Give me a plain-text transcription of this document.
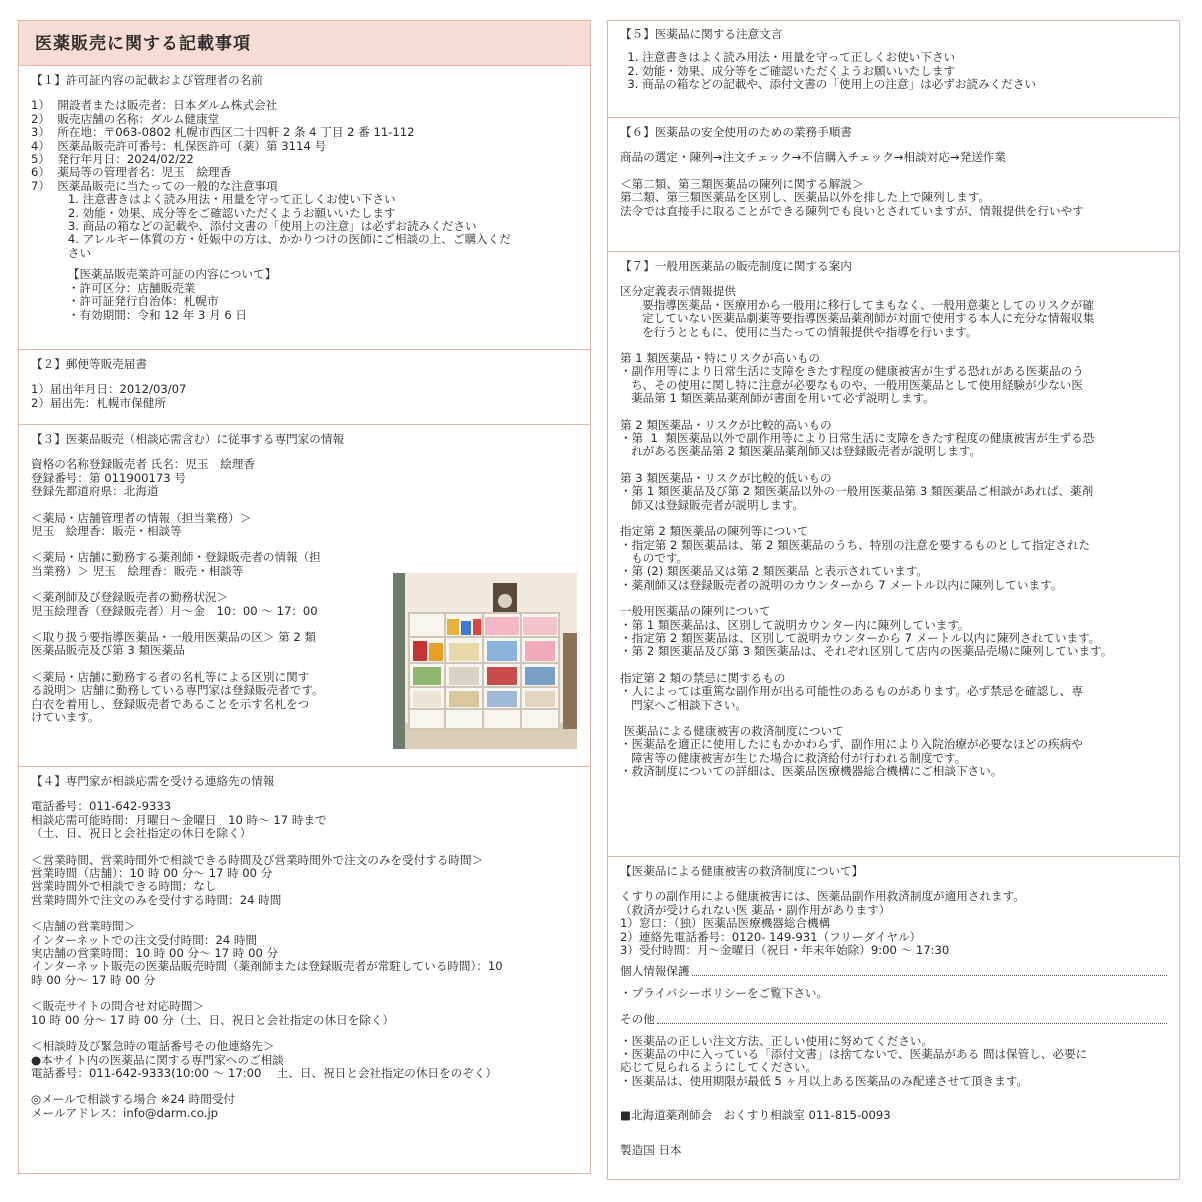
医薬販売に関する記載事項
【１】許可証内容の記載および管理者の名前

1）  開設者または販売者：日本ダルム株式会社

2）  販売店舗の名称：ダルム健康堂

3）  所在地：〒063-0802 札幌市西区二十四軒 2 条 4 丁目 2 番 11-112

4）  医薬品販売許可番号：札保医許可（薬）第 3114 号

5）  発行年月日：2024/02/22

6）  薬局等の管理者名：児玉　絵理香

7）  医薬品販売に当たっての一般的な注意事項

1. 注意書きはよく読み用法・用量を守って正しくお使い下さい

2. 効能・効果、成分等をご確認いただくようお願いいたします

3. 商品の箱などの記載や、添付文書の「使用上の注意」は必ずお読みください

4. アレルギー体質の方・妊娠中の方は、かかりつけの医師にご相談の上、ご購入くだ

さい

【医薬品販売業許可証の内容について】

・許可区分：店舗販売業

・許可証発行自治体：札幌市

・有効期間：令和 12 年 3 月 6 日

【２】郵便等販売届書

1）届出年月日：2012/03/07

2）届出先：札幌市保健所

【３】医薬品販売（相談応需含む）に従事する専門家の情報

資格の名称登録販売者 氏名：児玉　絵理香

登録番号：第 011900173 号

登録先都道府県：北海道

＜薬局・店舗管理者の情報（担当業務）＞

児玉　絵理香：販売・相談等

＜薬局・店舗に勤務する薬剤師・登録販売者の情報（担

当業務）＞ 児玉　絵理香：販売・相談等

＜薬剤師及び登録販売者の勤務状況＞

児玉絵理香（登録販売者）月～金　10：00 ～ 17：00

＜取り扱う要指導医薬品・一般用医薬品の区＞ 第 2 類

医薬品販売及び第 3 類医薬品

＜薬局・店舗に勤務する者の名札等による区別に関す

る説明＞ 店舗に勤務している専門家は登録販売者です。

白衣を着用し、登録販売者であることを示す名札をつ

けています。

【４】専門家が相談応需を受ける連絡先の情報

電話番号：011-642-9333

相談応需可能時間：月曜日～金曜日　10 時～ 17 時まで

（土、日、祝日と会社指定の休日を除く）

＜営業時間、営業時間外で相談できる時間及び営業時間外で注文のみを受付する時間＞

営業時間（店舗）：10 時 00 分～ 17 時 00 分

営業時間外で相談できる時間：なし

営業時間外で注文のみを受付する時間：24 時間

＜店舗の営業時間＞

インターネットでの注文受付時間：24 時間

実店舗の営業時間：10 時 00 分～ 17 時 00 分

インターネット販売の医薬品販売時間（薬剤師または登録販売者が常駐している時間）：10

時 00 分～ 17 時 00 分

＜販売サイトの問合せ対応時間＞

10 時 00 分～ 17 時 00 分（土、日、祝日と会社指定の休日を除く）

＜相談時及び緊急時の電話番号その他連絡先＞

●本サイト内の医薬品に関する専門家へのご相談

電話番号：011-642-9333(10:00 ～ 17:00　 土、日、祝日と会社指定の休日をのぞく）

◎メールで相談する場合 ※24 時間受付

メールアドレス：info@darm.co.jp

【５】医薬品に関する注意文言

1. 注意書きはよく読み用法・用量を守って正しくお使い下さい

2. 効能・効果、成分等をご確認いただくようお願いいたします

3. 商品の箱などの記載や、添付文書の「使用上の注意」は必ずお読みください

【６】医薬品の安全使用のための業務手順書

商品の選定・陳列→注文チェック→不信購入チェック→相談対応→発送作業

＜第二類、第三類医薬品の陳列に関する解説＞

第二類、第三類医薬品を区別し、医薬品以外を排した上で陳列します。

法令では直接手に取ることができる陳列でも良いとされていますが、情報提供を行いやす

【７】一般用医薬品の販売制度に関する案内

区分定義表示情報提供

要指導医薬品・医療用から一般用に移行してまもなく、一般用意薬としてのリスクが確

定していない医薬品劇薬等要指導医薬品薬剤師が対面で使用する本人に充分な情報収集

を行うとともに、使用に当たっての情報提供や指導を行います。

第 1 類医薬品・特にリスクが高いもの

・副作用等により日常生活に支障をきたす程度の健康被害が生ずる恐れがある医薬品のう

ち、その使用に関し特に注意が必要なものや、一般用医薬品として使用経験が少ない医

薬品第 1 類医薬品薬剤師が書面を用いて必ず説明します。

第 2 類医薬品・リスクが比較的高いもの

・第  1  類医薬品以外で副作用等により日常生活に支障をきたす程度の健康被害が生ずる恐

れがある医薬品第 2 類医薬品薬剤師又は登録販売者が説明します。

第 3 類医薬品・リスクが比較的低いもの

・第 1 類医薬品及び第 2 類医薬品以外の一般用医薬品第 3 類医薬品ご相談があれば、薬剤

師又は登録販売者が説明します。

指定第 2 類医薬品の陳列等について

・指定第 2 類医薬品は、第 2 類医薬品のうち、特別の注意を要するものとして指定された

ものです。

・第 (2) 類医薬品又は第 2 類医薬品 と表示されています。

・薬剤師又は登録販売者の説明のカウンターから 7 メートル以内に陳列しています。

一般用医薬品の陳列について

・第 1 類医薬品は、区別して説明カウンター内に陳列しています。

・指定第 2 類医薬品は、区別して説明カウンターから 7 メートル以内に陳列されています。

・第 2 類医薬品及び第 3 類医薬品は、それぞれ区別して店内の医薬品売場に陳列しています。

指定第 2 類の禁忌に関するもの

・人によっては重篤な副作用が出る可能性のあるものがあります。必ず禁忌を確認し、専

門家へご相談下さい。

医薬品による健康被害の救済制度について

・医薬品を適正に使用したにもかかわらず、副作用により入院治療が必要なほどの疾病や

障害等の健康被害が生じた場合に救済給付が行われる制度です。

・救済制度についての詳細は、医薬品医療機器総合機構にご相談下さい。

【医薬品による健康被害の救済制度について】

くすりの副作用による健康被害には、医薬品副作用救済制度が適用されます。

（救済が受けられない医 薬品・副作用があります）

1）窓口：（独）医薬品医療機器総合機構

2）連絡先電話番号：0120- 149-931（フリーダイヤル）

3）受付時間：月～金曜日（祝日・年末年始除）9:00 ～ 17:30

個人情報保護

・プライバシーポリシーをご覧下さい。

その他

・医薬品の正しい注文方法、正しい使用に努めてください。

・医薬品の中に入っている「添付文書」は捨てないで、医薬品がある 間は保管し、必要に

応じて見られるようにしてください。

・医薬品は、使用期限が最低 5 ヶ月以上ある医薬品のみ配達させて頂きます。

■北海道薬剤師会　おくすり相談室 011-815-0093

製造国 日本
